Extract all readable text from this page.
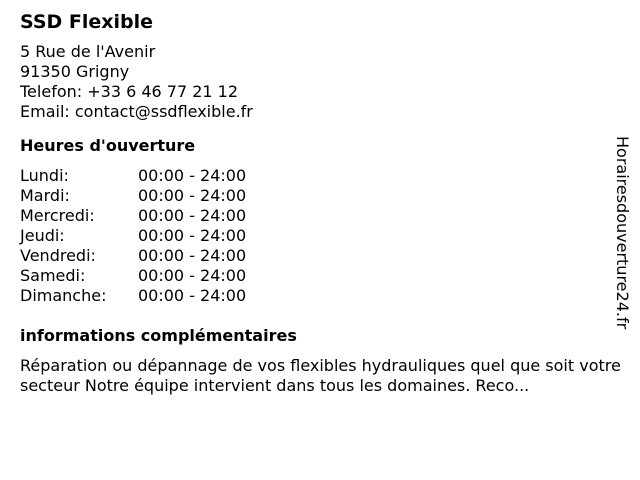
SSD Flexible
5 Rue de l'Avenir
91350 Grigny
Telefon: +33 6 46 77 21 12
Email: contact@ssdflexible.fr
Heures d'ouverture
Lundi:	00:00 - 24:00
Mardi:	00:00 - 24:00
Mercredi:	00:00 - 24:00
Jeudi:	00:00 - 24:00
Vendredi:	00:00 - 24:00
Samedi:	00:00 - 24:00
Dimanche:	00:00 - 24:00
informations complémentaires
Réparation ou dépannage de vos flexibles hydrauliques quel que soit votre secteur Notre équipe intervient dans tous les domaines. Reco...
Horairesdouverture24.fr
